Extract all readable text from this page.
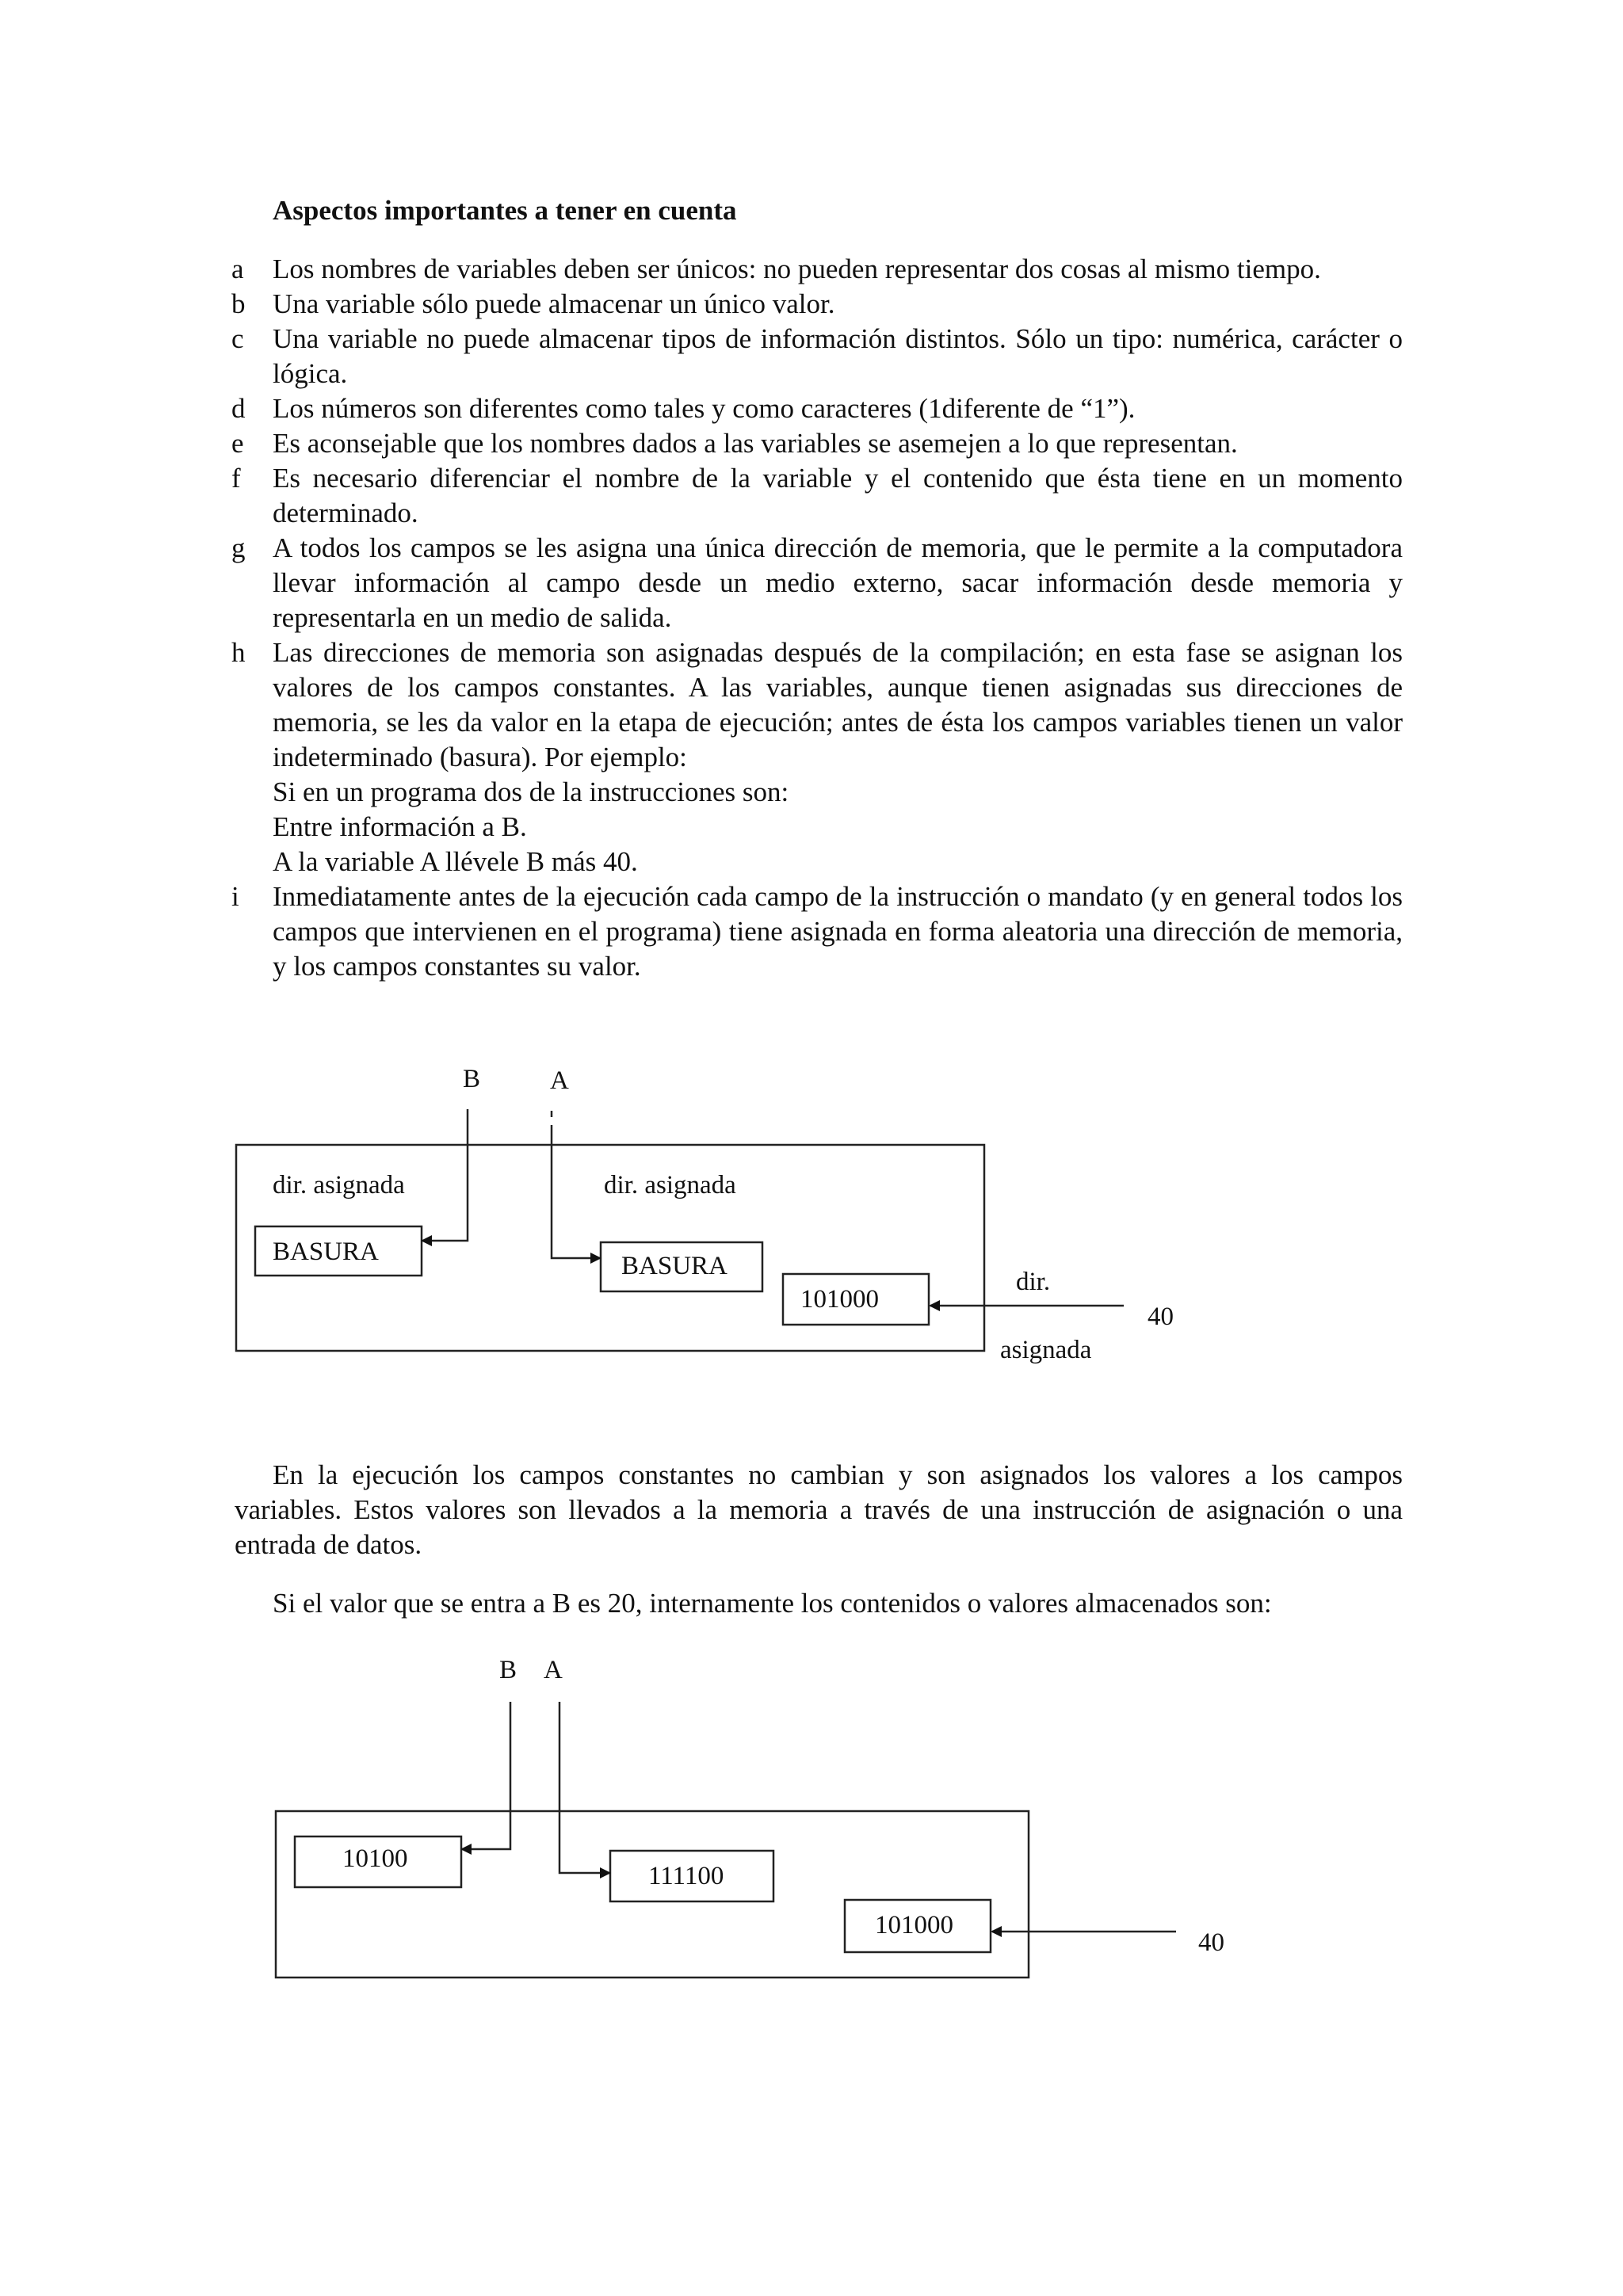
Aspectos importantes a tener en cuenta
a Los nombres de variables deben ser únicos: no pueden representar dos cosas al mismo tiempo.
b Una variable sólo puede almacenar un único valor.
c Una variable no puede almacenar tipos de información distintos. Sólo un tipo: numérica, carácter o lógica.
d Los números son diferentes como tales y como caracteres (1diferente de “1”).
e Es aconsejable que los nombres dados a las variables se asemejen a lo que representan.
f Es necesario diferenciar el nombre de la variable y el contenido que ésta tiene en un momento determinado.
g A todos los campos se les asigna una única dirección de memoria, que le permite a la computadora llevar información al campo desde un medio externo, sacar información desde memoria y representarla en un medio de salida.
h Las direcciones de memoria son asignadas después de la compilación; en esta fase se asignan los valores de los campos constantes. A las variables, aunque tienen asignadas sus direcciones de memoria, se les da valor en la etapa de ejecución; antes de ésta los campos variables tienen un valor indeterminado (basura). Por ejemplo:
Si en un programa dos de la instrucciones son:
Entre información a B.
A la variable A llévele B más 40.
i Inmediatamente antes de la ejecución cada campo de la instrucción o mandato (y en general todos los campos que intervienen en el programa) tiene asignada en forma aleatoria una dirección de memoria, y los campos constantes su valor.
B	A
dir. asignada	dir. asignada
BASURA	BASURA
101000
dir.
asignada
40

En la ejecución los campos constantes no cambian y son asignados los valores a los campos variables. Estos valores son llevados a la memoria a través de una instrucción de asignación o una entrada de datos.

Si el valor que se entra a B es 20, internamente los contenidos o valores almacenados son:

B A
10100
111100
101000
40
